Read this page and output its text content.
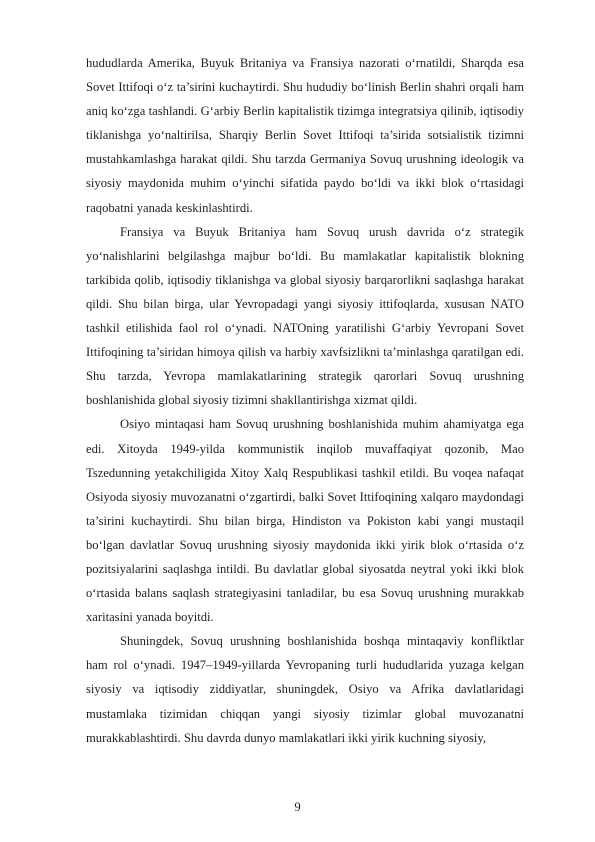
hududlarda Amerika, Buyuk Britaniya va Fransiya nazorati o‘rnatildi, Sharqda esa Sovet Ittifoqi o‘z ta’sirini kuchaytirdi. Shu hududiy bo‘linish Berlin shahri orqali ham aniq ko‘zga tashlandi. G‘arbiy Berlin kapitalistik tizimga integratsiya qilinib, iqtisodiy tiklanishga yo‘naltirilsa, Sharqiy Berlin Sovet Ittifoqi ta’sirida sotsialistik tizimni mustahkamlashga harakat qildi. Shu tarzda Germaniya Sovuq urushning ideologik va siyosiy maydonida muhim o‘yinchi sifatida paydo bo‘ldi va ikki blok o‘rtasidagi raqobatni yanada keskinlashtirdi.

Fransiya va Buyuk Britaniya ham Sovuq urush davrida o‘z strategik yo‘nalishlarini belgilashga majbur bo‘ldi. Bu mamlakatlar kapitalistik blokning tarkibida qolib, iqtisodiy tiklanishga va global siyosiy barqarorlikni saqlashga harakat qildi. Shu bilan birga, ular Yevropadagi yangi siyosiy ittifoqlarda, xususan NATO tashkil etilishida faol rol o‘ynadi. NATOning yaratilishi G‘arbiy Yevropani Sovet Ittifoqining ta’siridan himoya qilish va harbiy xavfsizlikni ta’minlashga qaratilgan edi. Shu tarzda, Yevropa mamlakatlarining strategik qarorlari Sovuq urushning boshlanishida global siyosiy tizimni shakllantirishga xizmat qildi.

Osiyo mintaqasi ham Sovuq urushning boshlanishida muhim ahamiyatga ega edi. Xitoyda 1949-yilda kommunistik inqilob muvaffaqiyat qozonib, Mao Tszedunning yetakchiligida Xitoy Xalq Respublikasi tashkil etildi. Bu voqea nafaqat Osiyoda siyosiy muvozanatni o‘zgartirdi, balki Sovet Ittifoqining xalqaro maydondagi ta’sirini kuchaytirdi. Shu bilan birga, Hindiston va Pokiston kabi yangi mustaqil bo‘lgan davlatlar Sovuq urushning siyosiy maydonida ikki yirik blok o‘rtasida o‘z pozitsiyalarini saqlashga intildi. Bu davlatlar global siyosatda neytral yoki ikki blok o‘rtasida balans saqlash strategiyasini tanladilar, bu esa Sovuq urushning murakkab xaritasini yanada boyitdi.

Shuningdek, Sovuq urushning boshlanishida boshqa mintaqaviy konfliktlar ham rol o‘ynadi. 1947–1949-yillarda Yevropaning turli hududlarida yuzaga kelgan siyosiy va iqtisodiy ziddiyatlar, shuningdek, Osiyo va Afrika davlatlaridagi mustamlaka tizimidan chiqqan yangi siyosiy tizimlar global muvozanatni murakkablashtirdi. Shu davrda dunyo mamlakatlari ikki yirik kuchning siyosiy,

9
